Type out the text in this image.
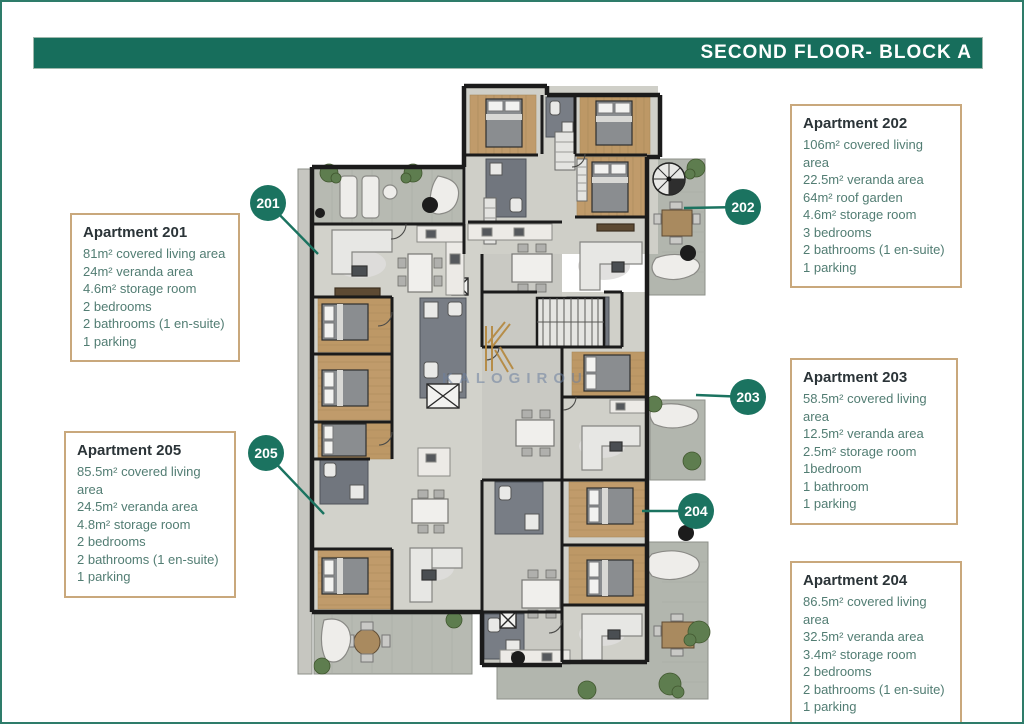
KALOGIROU
SECOND FLOOR- BLOCK A
Apartment 201
81m² covered living area
24m² veranda area
4.6m² storage room
2 bedrooms
2 bathrooms (1 en-suite)
1 parking
Apartment 202
106m² covered living area
22.5m² veranda area
64m² roof garden
4.6m² storage room
3 bedrooms
2 bathrooms (1 en-suite)
1 parking
Apartment 203
58.5m² covered living area
12.5m² veranda area
2.5m² storage room
1bedroom
1 bathroom
1 parking
Apartment 204
86.5m² covered living area
32.5m² veranda area
3.4m² storage room
2 bedrooms
2 bathrooms (1 en-suite)
1 parking
Apartment 205
85.5m² covered living area
24.5m² veranda area
4.8m² storage room
2 bedrooms
2 bathrooms (1 en-suite)
1 parking
201	202
203
204
205
